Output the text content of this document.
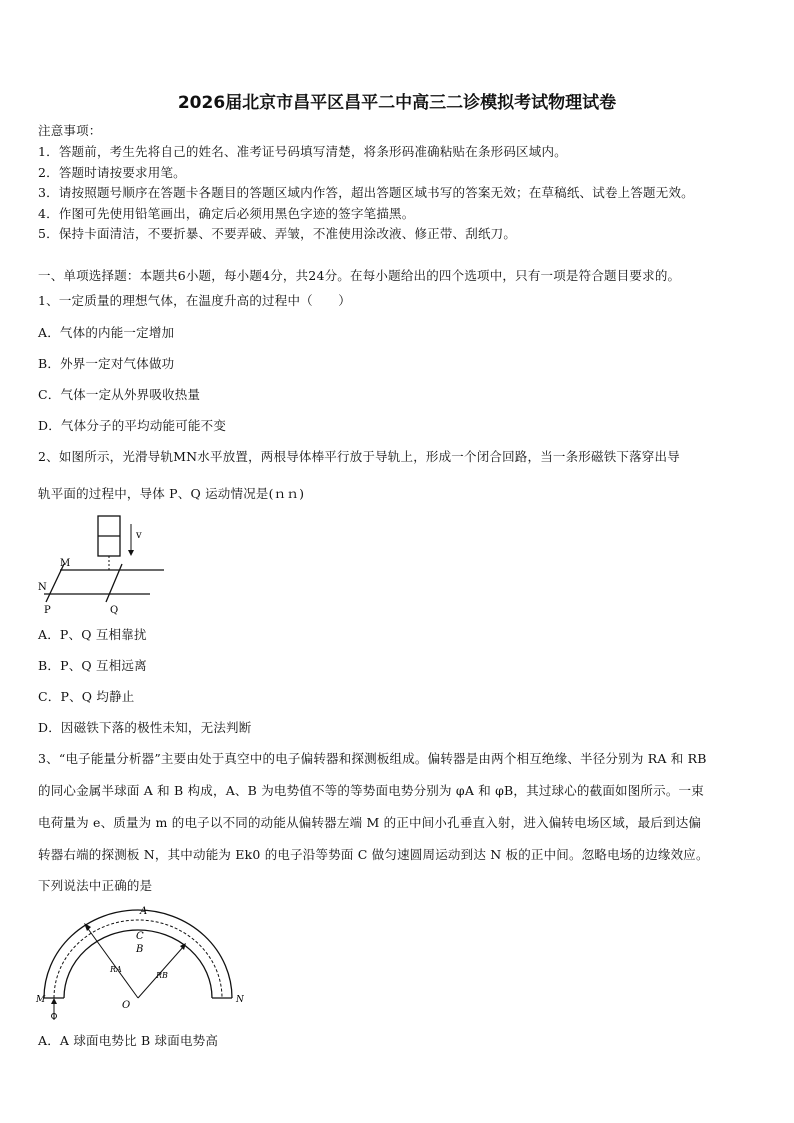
2026届北京市昌平区昌平二中高三二诊模拟考试物理试卷
注意事项：
1．答题前，考生先将自己的姓名、准考证号码填写清楚，将条形码准确粘贴在条形码区域内。
2．答题时请按要求用笔。
3．请按照题号顺序在答题卡各题目的答题区域内作答，超出答题区域书写的答案无效；在草稿纸、试卷上答题无效。
4．作图可先使用铅笔画出，确定后必须用黑色字迹的签字笔描黑。
5．保持卡面清洁，不要折暴、不要弄破、弄皱，不准使用涂改液、修正带、刮纸刀。
一、单项选择题：本题共6小题，每小题4分，共24分。在每小题给出的四个选项中，只有一项是符合题目要求的。
1、一定质量的理想气体，在温度升高的过程中（　　）
A．气体的内能一定增加
B．外界一定对气体做功
C．气体一定从外界吸收热量
D．气体分子的平均动能可能不变
2、如图所示，光滑导轨MN水平放置，两根导体棒平行放于导轨上，形成一个闭合回路，当一条形磁铁下落穿出导
轨平面的过程中，导体 P、Q 运动情况是(ｎｎ)
v
M
N
P	Q
A．P、Q 互相靠扰
B．P、Q 互相远离
C．P、Q 均静止
D．因磁铁下落的极性未知，无法判断
3、“电子能量分析器”主要由处于真空中的电子偏转器和探测板组成。偏转器是由两个相互绝缘、半径分别为 RA 和 RB
的同心金属半球面 A 和 B 构成，A、B 为电势值不等的等势面电势分别为 φA 和 φB，其过球心的截面如图所示。一束
电荷量为 e、质量为 m 的电子以不同的动能从偏转器左端 M 的正中间小孔垂直入射，进入偏转电场区域，最后到达偏
转器右端的探测板 N，其中动能为 Ek0 的电子沿等势面 C 做匀速圆周运动到达 N 板的正中间。忽略电场的边缘效应。
下列说法中正确的是
A
C
B
RA
RB
O
M	N
A．A 球面电势比 B 球面电势高
